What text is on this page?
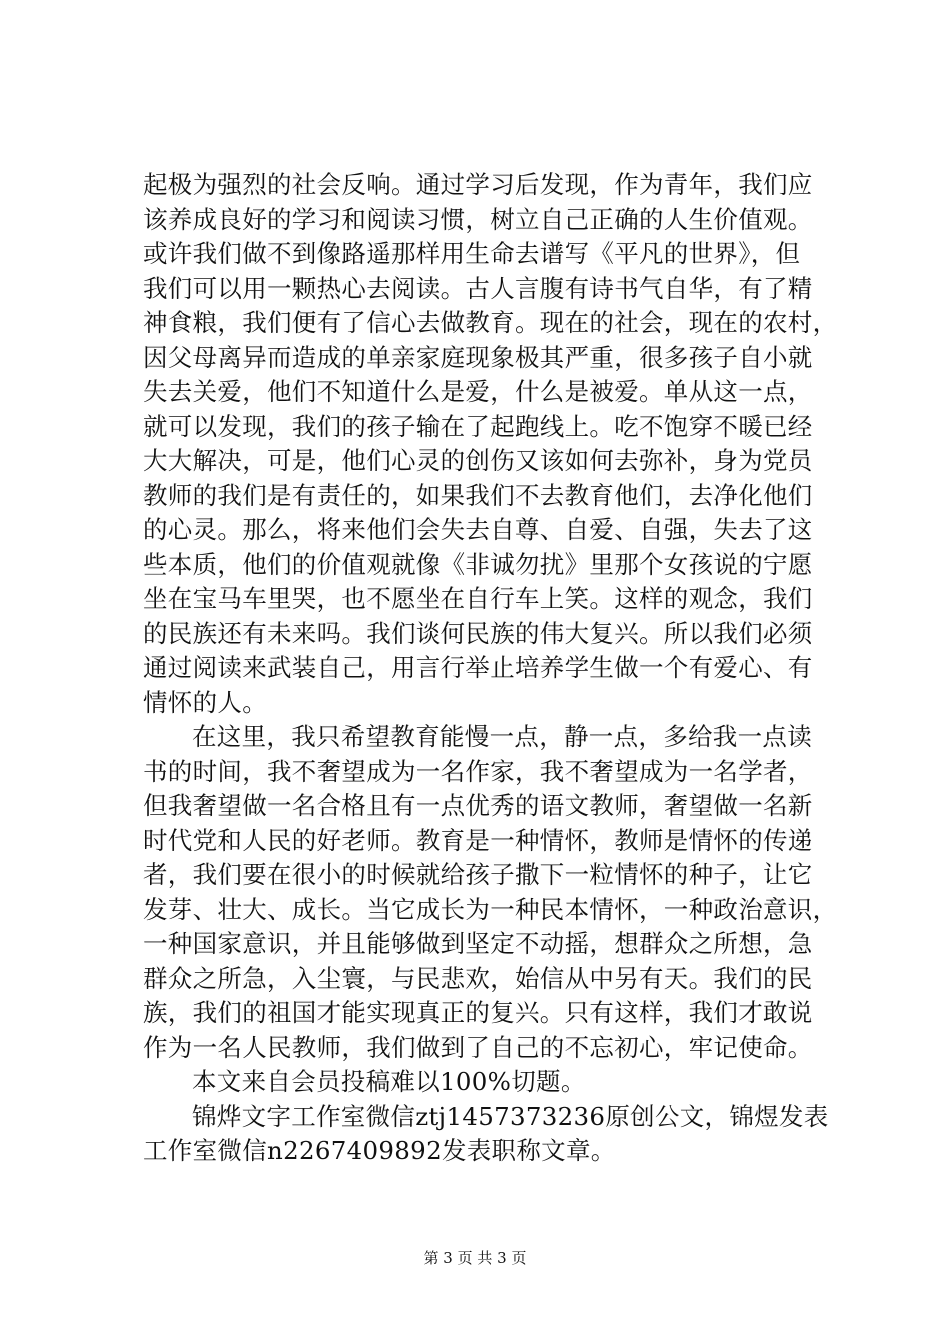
起极为强烈的社会反响。通过学习后发现，作为青年，我们应
该养成良好的学习和阅读习惯，树立自己正确的人生价值观。
或许我们做不到像路遥那样用生命去谱写《平凡的世界》，但
我们可以用一颗热心去阅读。古人言腹有诗书气自华，有了精
神食粮，我们便有了信心去做教育。现在的社会，现在的农村，
因父母离异而造成的单亲家庭现象极其严重，很多孩子自小就
失去关爱，他们不知道什么是爱，什么是被爱。单从这一点，
就可以发现，我们的孩子输在了起跑线上。吃不饱穿不暖已经
大大解决，可是，他们心灵的创伤又该如何去弥补，身为党员
教师的我们是有责任的，如果我们不去教育他们，去净化他们
的心灵。那么，将来他们会失去自尊、自爱、自强，失去了这
些本质，他们的价值观就像《非诚勿扰》里那个女孩说的宁愿
坐在宝马车里哭，也不愿坐在自行车上笑。这样的观念，我们
的民族还有未来吗。我们谈何民族的伟大复兴。所以我们必须
通过阅读来武装自己，用言行举止培养学生做一个有爱心、有
情怀的人。
在这里，我只希望教育能慢一点，静一点，多给我一点读
书的时间，我不奢望成为一名作家，我不奢望成为一名学者，
但我奢望做一名合格且有一点优秀的语文教师，奢望做一名新
时代党和人民的好老师。教育是一种情怀，教师是情怀的传递
者，我们要在很小的时候就给孩子撒下一粒情怀的种子，让它
发芽、壮大、成长。当它成长为一种民本情怀，一种政治意识，
一种国家意识，并且能够做到坚定不动摇，想群众之所想，急
群众之所急，入尘寰，与民悲欢，始信从中另有天。我们的民
族，我们的祖国才能实现真正的复兴。只有这样，我们才敢说
作为一名人民教师，我们做到了自己的不忘初心，牢记使命。
本文来自会员投稿难以100%切题。
锦烨文字工作室微信ztj1457373236原创公文，锦煜发表
工作室微信n2267409892发表职称文章。
第 3 页 共 3 页
